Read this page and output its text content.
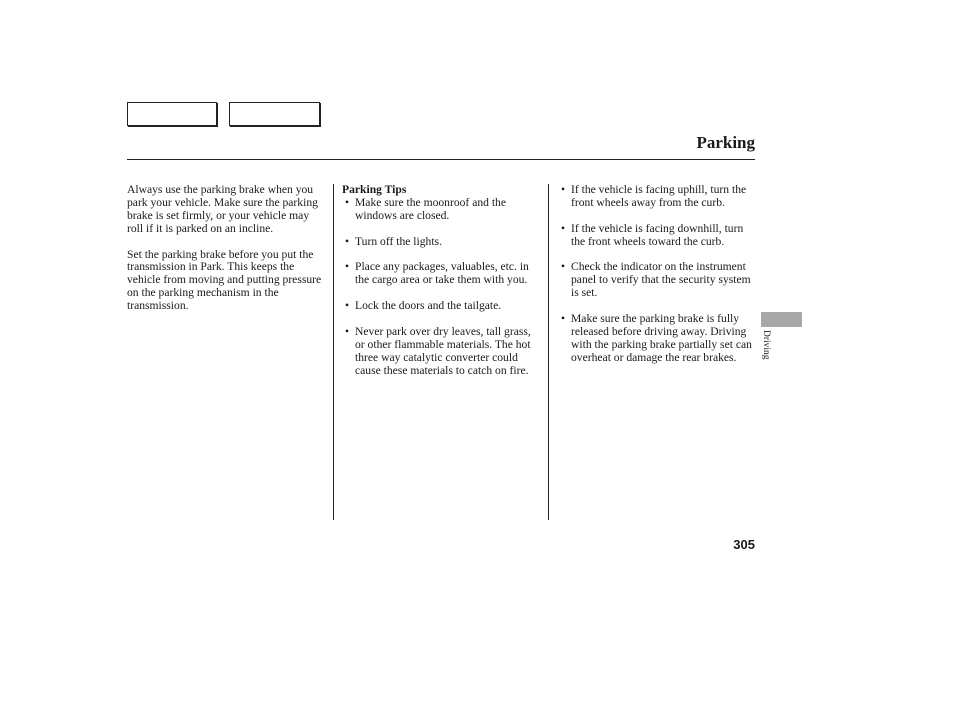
Parking

Always use the parking brake when you park your vehicle. Make sure the parking brake is set firmly, or your vehicle may roll if it is parked on an incline.

Set the parking brake before you put the transmission in Park. This keeps the vehicle from moving and putting pressure on the parking mechanism in the transmission.

Parking Tips
• Make sure the moonroof and the windows are closed.
• Turn off the lights.
• Place any packages, valuables, etc. in the cargo area or take them with you.
• Lock the doors and the tailgate.
• Never park over dry leaves, tall grass, or other flammable materials. The hot three way catalytic converter could cause these materials to catch on fire.
• If the vehicle is facing uphill, turn the front wheels away from the curb.
• If the vehicle is facing downhill, turn the front wheels toward the curb.
• Check the indicator on the instrument panel to verify that the security system is set.
• Make sure the parking brake is fully released before driving away. Driving with the parking brake partially set can overheat or damage the rear brakes.	Driving
305
